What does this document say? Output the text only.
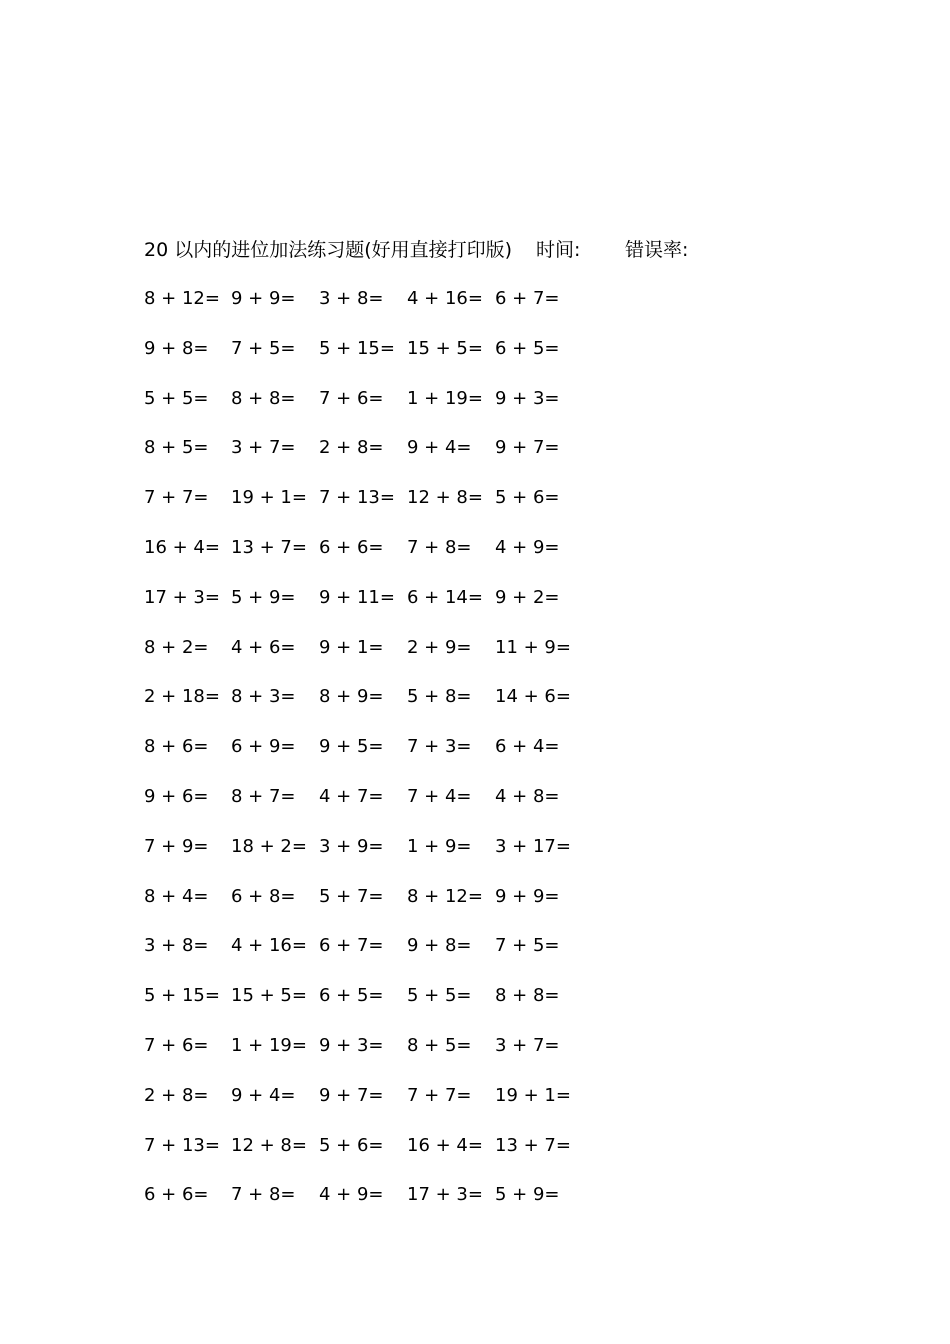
20 以内的进位加法练习题(好用直接打印版) 时间: 错误率:
8 + 12= 9 + 9= 3 + 8= 4 + 16= 6 + 7=
9 + 8= 7 + 5= 5 + 15= 15 + 5= 6 + 5=
5 + 5= 8 + 8= 7 + 6= 1 + 19= 9 + 3=
8 + 5= 3 + 7= 2 + 8= 9 + 4= 9 + 7=
7 + 7= 19 + 1= 7 + 13= 12 + 8= 5 + 6=
16 + 4= 13 + 7= 6 + 6= 7 + 8= 4 + 9=
17 + 3= 5 + 9= 9 + 11= 6 + 14= 9 + 2=
8 + 2= 4 + 6= 9 + 1= 2 + 9= 11 + 9=
2 + 18= 8 + 3= 8 + 9= 5 + 8= 14 + 6=
8 + 6= 6 + 9= 9 + 5= 7 + 3= 6 + 4=
9 + 6= 8 + 7= 4 + 7= 7 + 4= 4 + 8=
7 + 9= 18 + 2= 3 + 9= 1 + 9= 3 + 17=
8 + 4= 6 + 8= 5 + 7= 8 + 12= 9 + 9=
3 + 8= 4 + 16= 6 + 7= 9 + 8= 7 + 5=
5 + 15= 15 + 5= 6 + 5= 5 + 5= 8 + 8=
7 + 6= 1 + 19= 9 + 3= 8 + 5= 3 + 7=
2 + 8= 9 + 4= 9 + 7= 7 + 7= 19 + 1=
7 + 13= 12 + 8= 5 + 6= 16 + 4= 13 + 7=
6 + 6= 7 + 8= 4 + 9= 17 + 3= 5 + 9=
